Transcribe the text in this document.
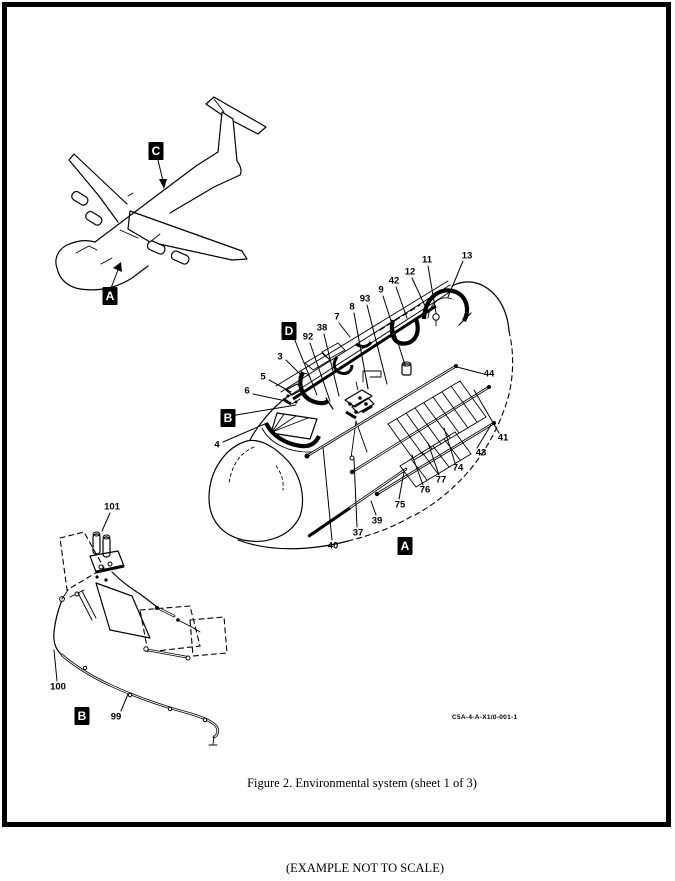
C
A
D
B
A
13
11
12
42
9
93
8
7
38
92
3
5
6
4
44
41
43
74
77
76
75
39
37
40
B
101
100
99	C5A-4-A-X1/0-001-1
Figure 2. Environmental system (sheet 1 of 3)
(EXAMPLE NOT TO SCALE)
